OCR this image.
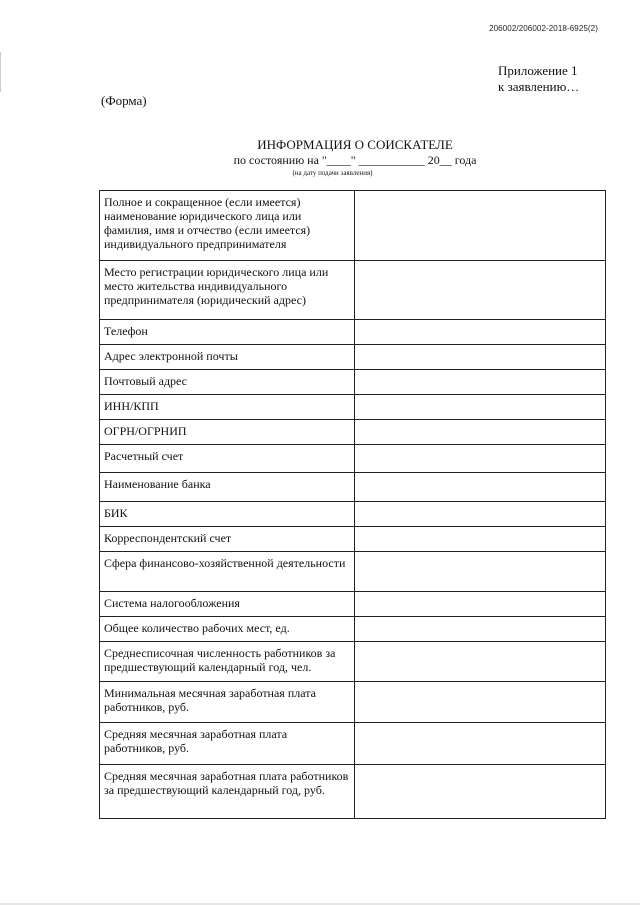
206002/206002-2018-6925(2)
Приложение 1
к заявлению…
(Форма)
ИНФОРМАЦИЯ О СОИСКАТЕЛЕ
по состоянию на "____" ___________ 20__ года
(на дату подачи заявления)
Полное и сокращенное (если имеется) наименование юридического лица или фамилия, имя и отчество (если имеется) индивидуального предпринимателя	
Место регистрации юридического лица или место жительства индивидуального предпринимателя (юридический адрес)	
Телефон	
Адрес электронной почты	
Почтовый адрес	
ИНН/КПП	
ОГРН/ОГРНИП	
Расчетный счет	
Наименование банка	
БИК	
Корреспондентский счет	
Сфера финансово-хозяйственной деятельности	
Система налогообложения	
Общее количество рабочих мест, ед.	
Среднесписочная численность работников за предшествующий календарный год, чел.	
Минимальная месячная заработная плата работников, руб.	
Средняя месячная заработная плата работников, руб.	
Средняя месячная заработная плата работников за предшествующий календарный год, руб.	
